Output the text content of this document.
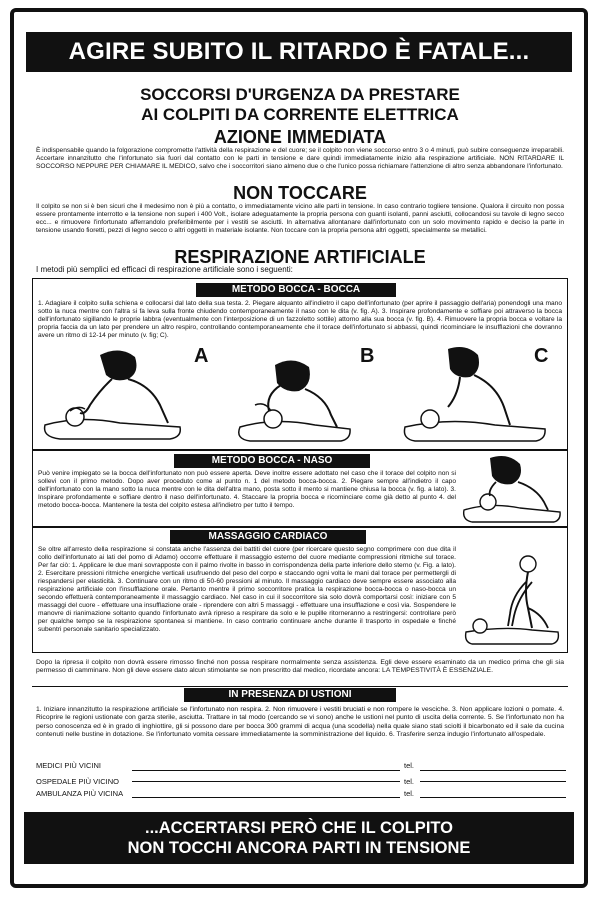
AGIRE SUBITO IL RITARDO È FATALE...
SOCCORSI D'URGENZA DA PRESTARE
AI COLPITI DA CORRENTE ELETTRICA
AZIONE IMMEDIATA
È indispensabile quando la folgorazione compromette l'attività della respirazione e del cuore; se il colpito non viene soccorso entro 3 o 4 minuti, può subire conseguenze irreparabili. Accertare innanzitutto che l'infortunato sia fuori dal contatto con le parti in tensione e dare quindi immediatamente inizio alla respirazione artificiale. NON RITARDARE IL SOCCORSO NEPPURE PER CHIAMARE IL MEDICO, salvo che i soccorritori siano almeno due o che l'unico possa richiamare l'attenzione di altro senza abbandonare l'infortunato.
NON TOCCARE
Il colpito se non si è ben sicuri che il medesimo non è più a contatto, o immediatamente vicino alle parti in tensione. In caso contrario togliere tensione. Qualora il circuito non possa essere prontamente interrotto e la tensione non superi i 400 Volt., isolare adeguatamente la propria persona con guanti isolanti, panni asciutti, collocandosi su tavole di legno secco ecc... e rimuovere l'infortunato afferrandolo preferibilmente per i vestiti se asciutti. In alternativa allontanare dall'infortunato con un solo movimento rapido e deciso la parte in tensione usando fioretti, pezzi di legno secco o altri oggetti in materiale isolante. Non toccare con la propria persona altri oggetti, specialmente se metallici.
RESPIRAZIONE ARTIFICIALE
I metodi più semplici ed efficaci di respirazione artificiale sono i seguenti:
METODO BOCCA - BOCCA
1. Adagiare il colpito sulla schiena e collocarsi dal lato della sua testa. 2. Piegare alquanto all'indietro il capo dell'infortunato (per aprire il passaggio dell'aria) ponendogli una mano sotto la nuca mentre con l'altra si fa leva sulla fronte chiudendo contemporaneamente il naso con le dita (v. fig. A). 3. Inspirare profondamente e soffiare poi attraverso la bocca dell'infortunato sigillando le proprie labbra (eventualmente con l'interposizione di un fazzoletto sottile) attorno alla sua bocca (v. fig. B). 4. Rimuovere la propria bocca e voltare la propria faccia da un lato per prendere un altro respiro, controllando contemporaneamente che il torace dell'infortunato si abbassi, quindi ricominciare le insufflazioni che dovranno avere un ritmo di 12-14 per minuto (v. fig; C).
A	B	C
METODO BOCCA - NASO
Può venire impiegato se la bocca dell'infortunato non può essere aperta. Deve inoltre essere adottato nel caso che il torace del colpito non si sollevi con il primo metodo. Dopo aver proceduto come al punto n. 1 del metodo bocca-bocca. 2. Piegare sempre all'indietro il capo dell'infortunato con la mano sotto la nuca mentre con le dita dell'altra mano, posta sotto il mento si mantiene chiusa la bocca (v. fig. a lato). 3. Inspirare profondamente e soffiare dentro il naso dell'infortunato. 4. Staccare la propria bocca e ricominciare come già detto al punto 4. del metodo bocca-bocca. Mantenere la testa del colpito estesa all'indietro per tutto il tempo.
MASSAGGIO CARDIACO
Se oltre all'arresto della respirazione si constata anche l'assenza dei battiti del cuore (per ricercare questo segno comprimere con due dita il collo dell'infortunato ai lati del pomo di Adamo) occorre effettuare il massaggio esterno del cuore mediante compressioni ritmiche sul torace. Per far ciò: 1. Applicare le due mani sovrapposte con il palmo rivolte in basso in corrispondenza della parte inferiore dello sterno (v. Fig. a lato). 2. Esercitare pressioni ritmiche energiche verticali usufruendo del peso del corpo e staccando ogni volta le mani dal torace per permettergli di riespandersi per elasticità. 3. Continuare con un ritmo di 50-60 pressioni al minuto. Il massaggio cardiaco deve sempre essere associato alla respirazione artificiale con l'insufflazione orale. Pertanto mentre il primo soccorritore pratica la respirazione bocca-bocca o naso-bocca un secondo effettuerà contemporaneamente il massaggio cardiaco. Nel caso in cui il soccorritore sia solo dovrà comportarsi così: iniziare con 5 massaggi del cuore - effettuare una insufflazione orale - riprendere con altri 5 massaggi - effettuare una insufflazione e così via. Sospendere le manovre di rianimazione soltanto quando l'infortunato avrà ripreso a respirare da solo e le pupille ritorneranno a restringersi: controllare però per qualche tempo se la respirazione spontanea si mantiene. In caso contrario continuare anche durante il trasporto in ospedale e finché subentri personale sanitario specializzato.
Dopo la ripresa il colpito non dovrà essere rimosso finché non possa respirare normalmente senza assistenza. Egli deve essere esaminato da un medico prima che gli sia permesso di camminare. Non gli deve essere dato alcun stimolante se non prescritto dal medico, ricordate ancora: LA TEMPESTIVITÀ È ESSENZIALE.
IN PRESENZA DI USTIONI
1. Iniziare innanzitutto la respirazione artificiale se l'infortunato non respira. 2. Non rimuovere i vestiti bruciati e non rompere le vesciche. 3. Non applicare lozioni o pomate. 4. Ricoprire le regioni ustionate con garza sterile, asciutta. Trattare in tal modo (cercando se vi sono) anche le ustioni nel punto di uscita della corrente. 5. Se l'infortunato non ha perso conoscenza ed è in grado di inghiottire, gli si possono dare per bocca 300 grammi di acqua (una scodella) nella quale siano stati sciolti il bicarbonato ed il sale da cucina contenuti nelle bustine in dotazione. Se l'infortunato vomita cessare immediatamente la somministrazione del liquido. 6. Trasferire senza indugio l'infortunato all'ospedale.
MEDICI PIÙ VICINI	tel.
OSPEDALE PIÙ VICINO	tel.
AMBULANZA PIÙ VICINA	tel.
...ACCERTARSI PERÒ CHE IL COLPITO
NON TOCCHI ANCORA PARTI IN TENSIONE
